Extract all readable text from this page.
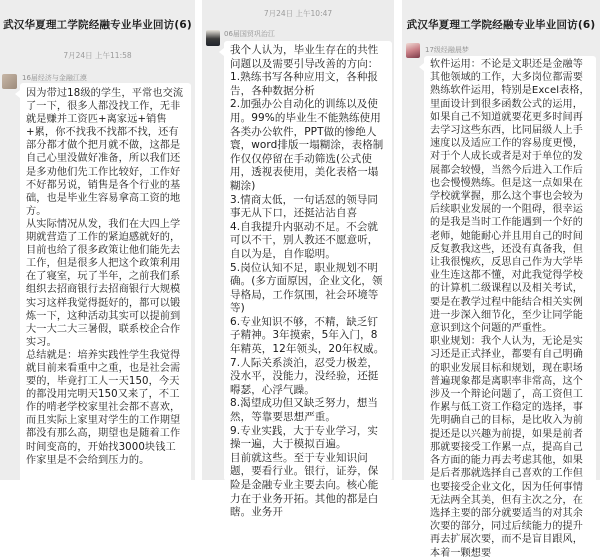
武汉华夏理工学院经融专业毕业回访(6)
7月24日 上午11:58
16届经济与金融江漠
因为带过18级的学生，平常也交流了一下，很多人都没找工作，无非就是赚并工资匹+离家远+销售+累，你不找我不找都不找，还有部分都才做个把月就不做，这都是自己心里没做好准备，所以我们还是多劝他们先工作比较好，工作好不好都另说，销售是各个行业的基础，也是毕业生容易拿高工资的地方。
从实际情况从发，我们在大四上学期就营造了工作的紧迫感就好的，目前也给了很多政策让他们能先去工作，但是很多人把这个政策利用在了寝室，玩了半年，之前我们系组织去招商银行去招商银行大规模实习这样我觉得挺好的，都可以锻炼一下，这种活动其实可以提前到大一大二大三暑假，联系校企合作实习。
总结就是：培养实践性学生我觉得就目前来看重中之重，也是社会需要的，毕竟打工人一天150，今天的都没用完明天150又来了，不工作的啃老学校家里社会都不喜欢，而且实际上家里对学生的工作期望都没有那么高，期望也是随着工作时间变高的，开始找3000块钱工作家里是不会给到压力的。
7月24日 上午10:47
06届国贸巩治江
我个人认为，毕业生存在的共性问题以及需要引导改善的方向：
1.熟练书写各种应用文，各种报告，各种数据分析
2.加强办公自动化的训练以及使用。99%的毕业生不能熟练使用各类办公软件，PPT做的惨绝人寰，word排版一塌糊涂，表格制作仅仅停留在手动筛选(公式使用，透视表使用，美化表格一塌糊涂)
3.情商太低，一句话怼的领导同事无从下口，还挺沾沾自喜
4.自我提升内驱动不足。不会就可以不干，别人教还不愿意听，自以为是，自作聪明。
5.岗位认知不足，职业规划不明确。(多方面原因，企业文化，领导格局，工作氛围，社会环境等等)
6.专业知识不够，不精，缺乏钉子精神。3年摸索，5年入门，8年精英，12年领头，20年权威。
7.人际关系淡泊，忍受力极差，没水平，没能力，没经验，还挺嘚瑟，心浮气躁。
8.渴望成功但又缺乏努力，想当然，等靠要思想严重。
9.专业实践，大于专业学习，实操一遍，大于模拟百遍。
目前就这些。至于专业知识问题，要看行业。银行，证券，保险是金融专业主要去向。核心能力在于业务开拓。其他的都是白瞎。业务开
武汉华夏理工学院经融专业毕业回访(6)
17级经融晨梦
软件运用：不论是文职还是金融等其他领域的工作，大多岗位都需要熟练软件运用，特别是Excel表格，里面设计到很多函数公式的运用，如果自己不知道就要花更多时间再去学习这些东西，比同届级人上手速度以及适应工作的容易度更慢，对于个人成长或者是对于单位的发展都会较慢，当然今后进入工作后也会慢慢熟练。但是这一点如果在学校就掌握，那么这个事也会较为后续职业发展的一个阻碍，很幸运的是我是当时工作能遇到一个好的老师，她能耐心并且用自己的时间反复教我这些，还没有真备我，但让我很愧疚，反思自己作为大学毕业生连这都不懂，对此我觉得学校的计算机二级课程以及相关考试，要是在教学过程中能结合相关实例进一步深入细节化，至少让同学能意识到这个问题的严重性。
职业规划：我个人认为，无论是实习还是正式择业，都要有自己明确的职业发展目标和规划，现在职场普遍现象都是离职率非常高，这个涉及一个辩论问题了，高工资但工作累与低工资工作稳定的选择，事先明确自己的目标，是比收入为前提还是以兴趣为前提，如果是前者那就要接受工作累一点，提高自己各方面的能力再去考虑其他，如果是后者那就选择自己喜欢的工作但也要接受企业文化，因为任何事情无法两全其美，但有主次之分，在选择主要的部分就要适当的对其余次要的部分，同过后续能力的提升再去扩展次要，而不是盲目跟风，本着一颗想要
